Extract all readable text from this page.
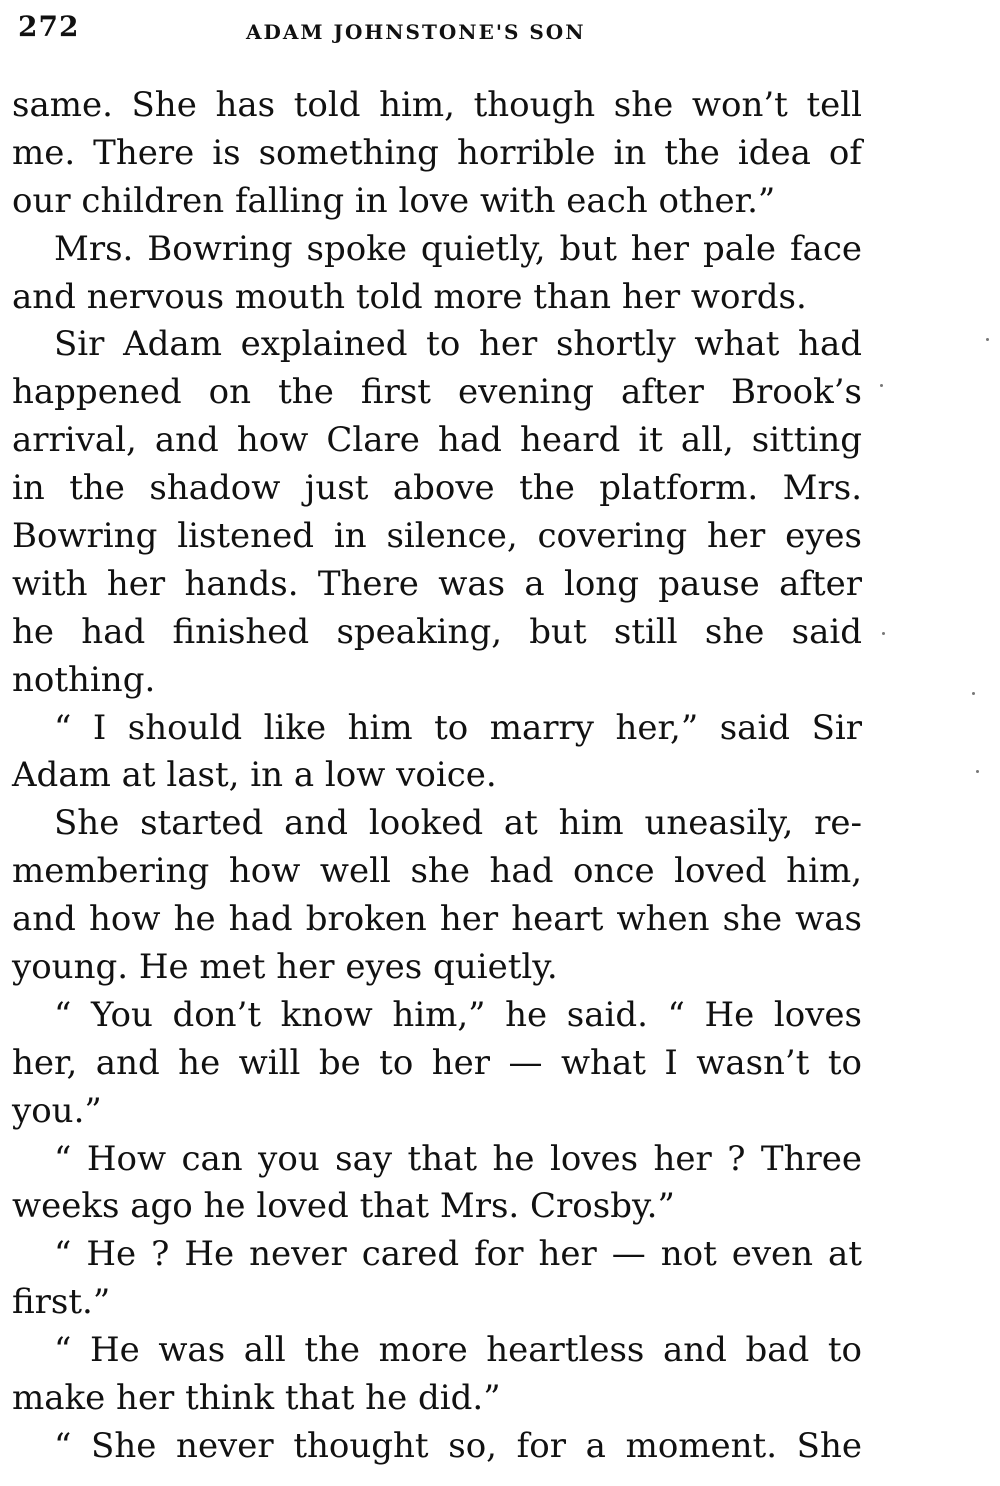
272	ADAM JOHNSTONE'S SON
same. She has told him, though she won’t tell
me. There is something horrible in the idea of
our children falling in love with each other.”
Mrs. Bowring spoke quietly, but her pale face
and nervous mouth told more than her words.
Sir Adam explained to her shortly what had
happened on the first evening after Brook’s
arrival, and how Clare had heard it all, sitting
in the shadow just above the platform. Mrs.
Bowring listened in silence, covering her eyes
with her hands. There was a long pause after
he had finished speaking, but still she said
nothing.
“ I should like him to marry her,” said Sir
Adam at last, in a low voice.
She started and looked at him uneasily, re-
membering how well she had once loved him,
and how he had broken her heart when she was
young. He met her eyes quietly.
“ You don’t know him,” he said. “ He loves
her, and he will be to her — what I wasn’t to
you.”
“ How can you say that he loves her ? Three
weeks ago he loved that Mrs. Crosby.”
“ He ? He never cared for her — not even at
first.”
“ He was all the more heartless and bad to
make her think that he did.”
“ She never thought so, for a moment. She
